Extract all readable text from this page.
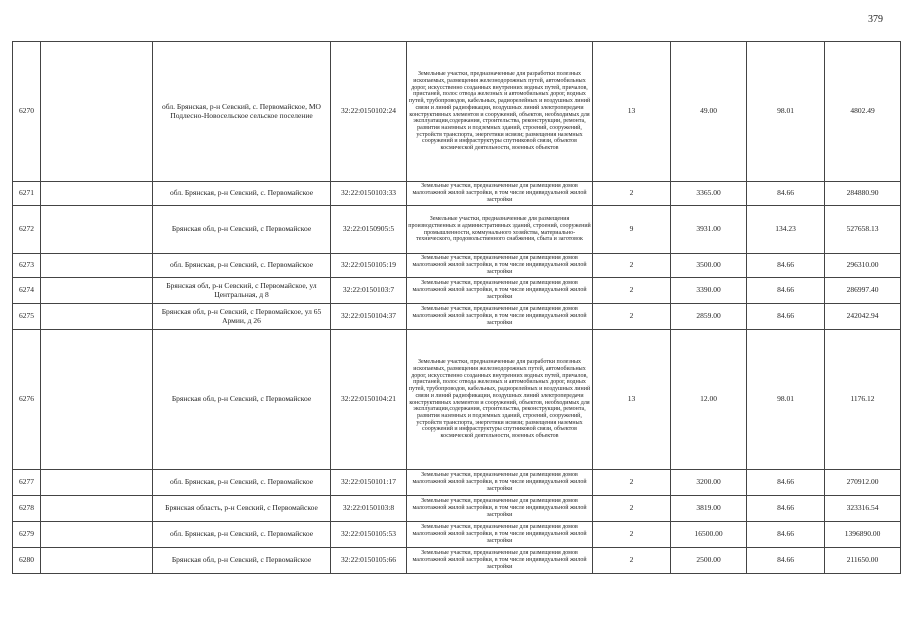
379
6270		обл. Брянская, р-н Севский, с. Первомайское, МО Подлесно-Новосельское сельское поселение	32:22:0150102:24	Земельные участки, предназначенные для разработки полезных ископаемых, размещения железнодорожных путей, автомобильных дорог, искусственно созданных внутренних водных путей, причалов, пристаней, полос отвода железных и автомобильных дорог, водных путей, трубопроводов, кабельных, радиорелейных и воздушных линий связи и линий радиофикации, воздушных линий электропередачи конструктивных элементов и сооружений, объектов, необходимых для эксплуатации,содержания, строительства, реконструкции, ремонта, развития наземных и подземных зданий, строений, сооружений, устройств транспорта, энергетики исвязи; размещения наземных сооружений и инфраструктуры спутниковой связи, объектов космической деятельности, военных объектов	13	49.00	98.01	4802.49
6271		обл. Брянская, р-н Севский, с. Первомайское	32:22:0150103:33	Земельные участки, предназначенные для размещения домов малоэтажной жилой застройки, в том числе индивидуальной жилой застройки	2	3365.00	84.66	284880.90
6272		Брянская обл, р-н Севский, с Первомайское	32:22:0150905:5	Земельные участки, предназначенные для размещения производственных и административных зданий, строений, сооружений промышленности, коммунального хозяйства, материально-технического, продовольственного снабжения, сбыта и заготовок	9	3931.00	134.23	527658.13
6273		обл. Брянская, р-н Севский, с. Первомайское	32:22:0150105:19	Земельные участки, предназначенные для размещения домов малоэтажной жилой застройки, в том числе индивидуальной жилой застройки	2	3500.00	84.66	296310.00
6274		Брянская обл, р-н Севский, с Первомайское, ул Центральная, д 8	32:22:0150103:7	Земельные участки, предназначенные для размещения домов малоэтажной жилой застройки, в том числе индивидуальной жилой застройки	2	3390.00	84.66	286997.40
6275		Брянская обл, р-н Севский, с Первомайское, ул 65 Армии, д 26	32:22:0150104:37	Земельные участки, предназначенные для размещения домов малоэтажной жилой застройки, в том числе индивидуальной жилой застройки	2	2859.00	84.66	242042.94
6276		Брянская обл, р-н Севский, с Первомайское	32:22:0150104:21	Земельные участки, предназначенные для разработки полезных ископаемых, размещения железнодорожных путей, автомобильных дорог, искусственно созданных внутренних водных путей, причалов, пристаней, полос отвода железных и автомобильных дорог, водных путей, трубопроводов, кабельных, радиорелейных и воздушных линий связи и линий радиофикации, воздушных линий электропередачи конструктивных элементов и сооружений, объектов, необходимых для эксплуатации,содержания, строительства, реконструкции, ремонта, развития наземных и подземных зданий, строений, сооружений, устройств транспорта, энергетики исвязи; размещения наземных сооружений и инфраструктуры спутниковой связи, объектов космической деятельности, военных объектов	13	12.00	98.01	1176.12
6277		обл. Брянская, р-н Севский, с. Первомайское	32:22:0150101:17	Земельные участки, предназначенные для размещения домов малоэтажной жилой застройки, в том числе индивидуальной жилой застройки	2	3200.00	84.66	270912.00
6278		Брянская область, р-н Севский, с Первомайское	32:22:0150103:8	Земельные участки, предназначенные для размещения домов малоэтажной жилой застройки, в том числе индивидуальной жилой застройки	2	3819.00	84.66	323316.54
6279		обл. Брянская, р-н Севский, с. Первомайское	32:22:0150105:53	Земельные участки, предназначенные для размещения домов малоэтажной жилой застройки, в том числе индивидуальной жилой застройки	2	16500.00	84.66	1396890.00
6280		Брянская обл, р-н Севский, с Первомайское	32:22:0150105:66	Земельные участки, предназначенные для размещения домов малоэтажной жилой застройки, в том числе индивидуальной жилой застройки	2	2500.00	84.66	211650.00
